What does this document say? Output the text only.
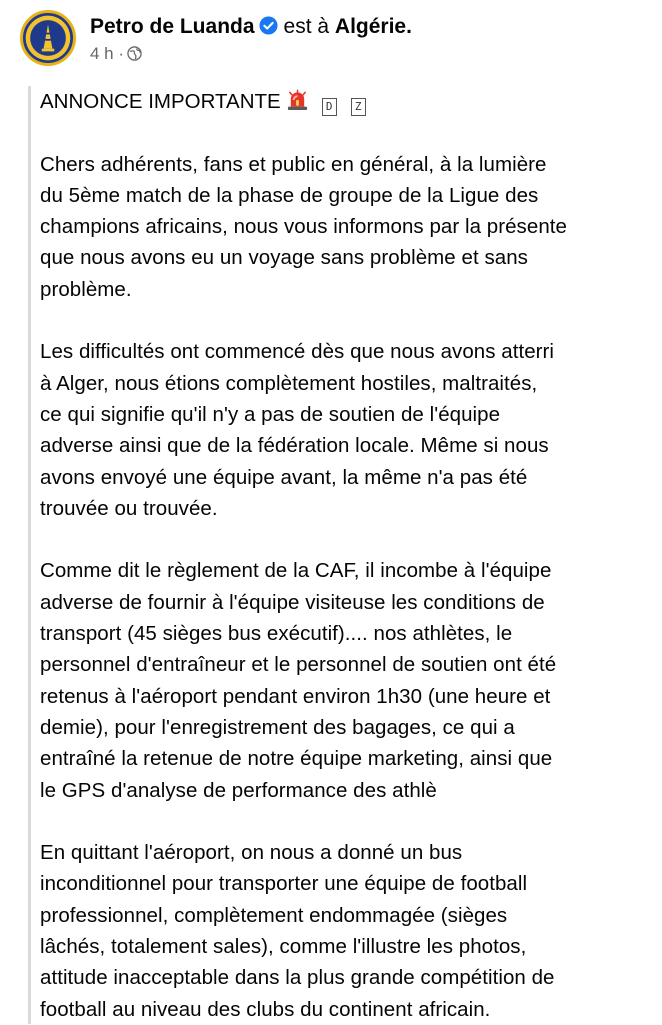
Petro de Luanda est à Algérie.
4 h ·
ANNONCE IMPORTANTE	D Z

Chers adhérents, fans et public en général, à la lumière
du 5ème match de la phase de groupe de la Ligue des
champions africains, nous vous informons par la présente
que nous avons eu un voyage sans problème et sans
problème.

Les difficultés ont commencé dès que nous avons atterri
à Alger, nous étions complètement hostiles, maltraités,
ce qui signifie qu'il n'y a pas de soutien de l'équipe
adverse ainsi que de la fédération locale. Même si nous
avons envoyé une équipe avant, la même n'a pas été
trouvée ou trouvée.

Comme dit le règlement de la CAF, il incombe à l'équipe
adverse de fournir à l'équipe visiteuse les conditions de
transport (45 sièges bus exécutif).... nos athlètes, le
personnel d'entraîneur et le personnel de soutien ont été
retenus à l'aéroport pendant environ 1h30 (une heure et
demie), pour l'enregistrement des bagages, ce qui a
entraîné la retenue de notre équipe marketing, ainsi que
le GPS d'analyse de performance des athlè

En quittant l'aéroport, on nous a donné un bus
inconditionnel pour transporter une équipe de football
professionnel, complètement endommagée (sièges
lâchés, totalement sales), comme l'illustre les photos,
attitude inacceptable dans la plus grande compétition de
football au niveau des clubs du continent africain.
